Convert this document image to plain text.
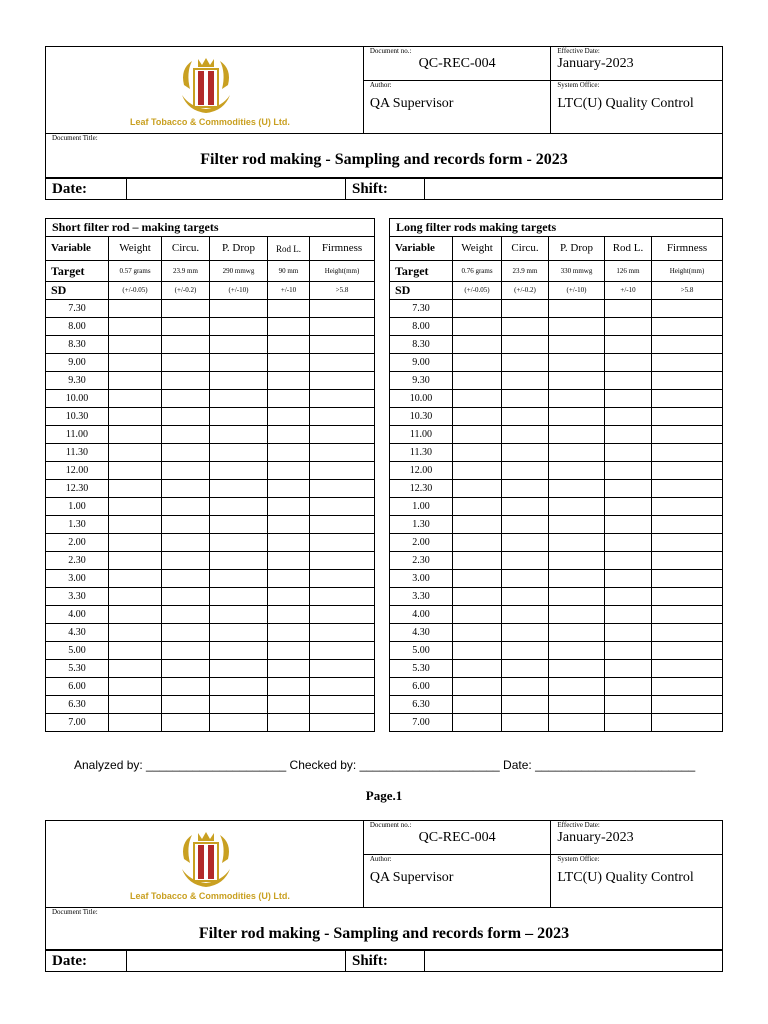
Leaf Tobacco & Commodities (U) Ltd.	Document no.:
QC-REC-004	Effective Date:
January-2023

	Author:
QA Supervisor	System Office:
LTC(U) Quality Control

Document Title:
Filter rod making - Sampling and records form - 2023		
Date:		Shift:	
Short filter rod – making targets					
Variable	Weight	Circu.	P. Drop	Rod L.	Firmness
Target	0.57 grams	23.9 mm	290 mmwg	90 mm	Height(mm)
SD	(+/-0.05)	(+/-0.2)	(+/-10)	+/-10	>5.8
7.30					
8.00					
8.30					
9.00					
9.30					
10.00					
10.30					
11.00					
11.30					
12.00					
12.30					
1.00					
1.30					
2.00					
2.30					
3.00					
3.30					
4.00					
4.30					
5.00					
5.30					
6.00					
6.30					
7.00					
Long filter rods making targets					
Variable	Weight	Circu.	P. Drop	Rod L.	Firmness
Target	0.76 grams	23.9 mm	330 mmwg	126 mm	Height(mm)
SD	(+/-0.05)	(+/-0.2)	(+/-10)	+/-10	>5.8
7.30					
8.00					
8.30					
9.00					
9.30					
10.00					
10.30					
11.00					
11.30					
12.00					
12.30					
1.00					
1.30					
2.00					
2.30					
3.00					
3.30					
4.00					
4.30					
5.00					
5.30					
6.00					
6.30					
7.00					
Analyzed by: _____________________ Checked by: _____________________ Date: ________________________
Page.1
Leaf Tobacco & Commodities (U) Ltd.	Document no.:
QC-REC-004	Effective Date:
January-2023

	Author:
QA Supervisor	System Office:
LTC(U) Quality Control

Document Title:
Filter rod making - Sampling and records form – 2023		
Date:		Shift:	
